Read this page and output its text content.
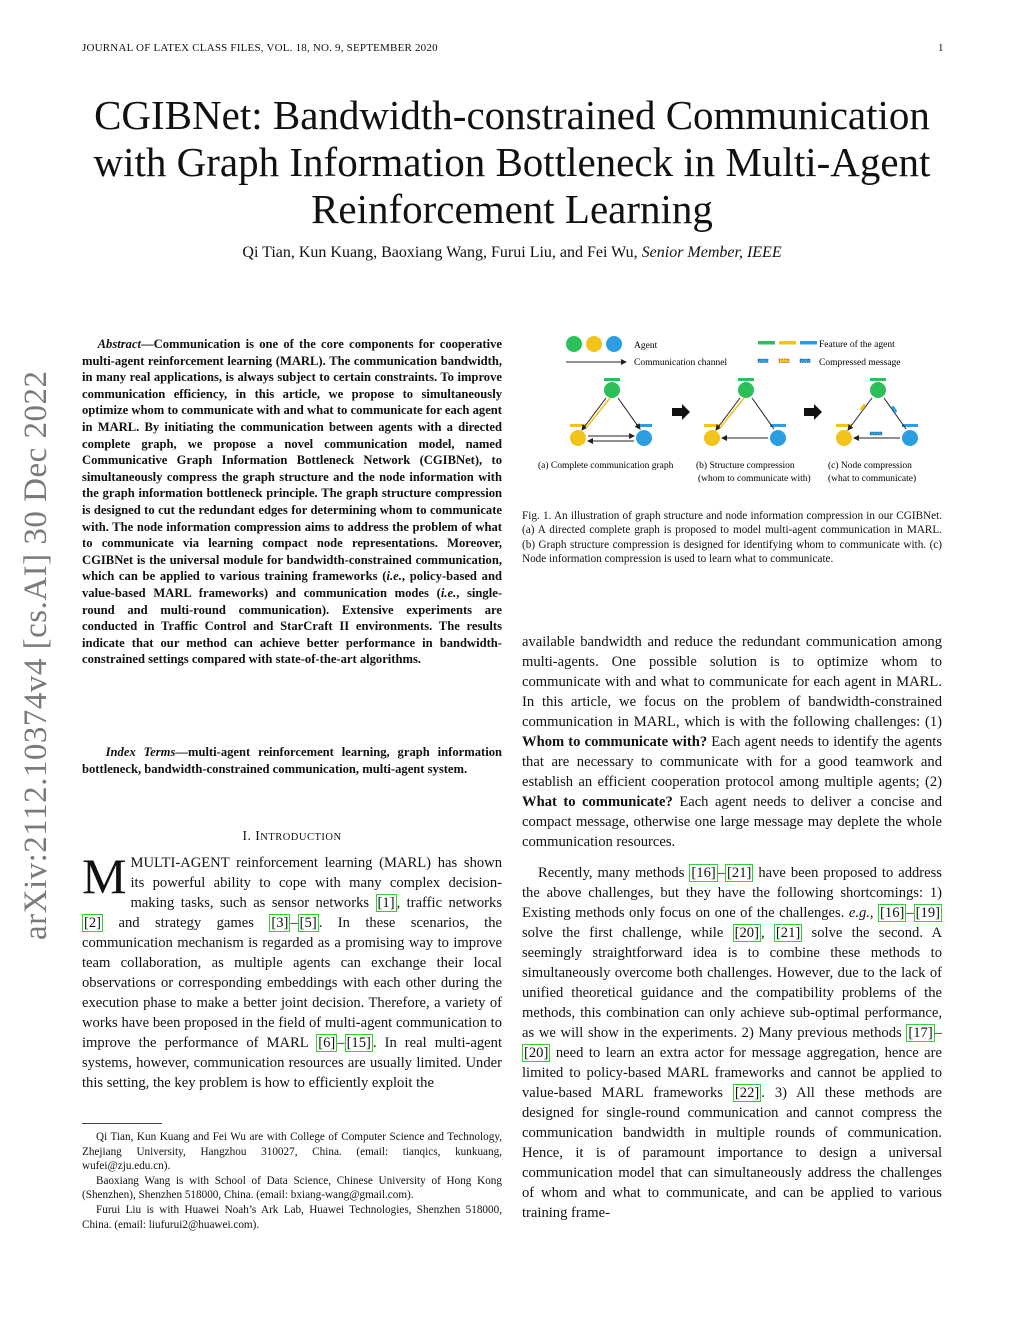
JOURNAL OF LATEX CLASS FILES, VOL. 18, NO. 9, SEPTEMBER 2020	1
CGIBNet: Bandwidth-constrained Communication with Graph Information Bottleneck in Multi-Agent Reinforcement Learning
Qi Tian, Kun Kuang, Baoxiang Wang, Furui Liu, and Fei Wu, Senior Member, IEEE
arXiv:2112.10374v4 [cs.AI] 30 Dec 2022
Abstract—Communication is one of the core components for cooperative multi-agent reinforcement learning (MARL). The communication bandwidth, in many real applications, is always subject to certain constraints. To improve communication efficiency, in this article, we propose to simultaneously optimize whom to communicate with and what to communicate for each agent in MARL. By initiating the communication between agents with a directed complete graph, we propose a novel communication model, named Communicative Graph Information Bottleneck Network (CGIBNet), to simultaneously compress the graph structure and the node information with the graph information bottleneck principle. The graph structure compression is designed to cut the redundant edges for determining whom to communicate with. The node information compression aims to address the problem of what to communicate via learning compact node representations. Moreover, CGIBNet is the universal module for bandwidth-constrained communication, which can be applied to various training frameworks (i.e., policy-based and value-based MARL frameworks) and communication modes (i.e., single-round and multi-round communication). Extensive experiments are conducted in Traffic Control and StarCraft II environments. The results indicate that our method can achieve better performance in bandwidth-constrained settings compared with state-of-the-art algorithms.
Index Terms—multi-agent reinforcement learning, graph information bottleneck, bandwidth-constrained communication, multi-agent system.
I. INTRODUCTION
MMULTI-AGENT reinforcement learning (MARL) has shown its powerful ability to cope with many complex decision-making tasks, such as sensor networks [1] , traffic networks [2] and strategy games [3] – [5] . In these scenarios, the communication mechanism is regarded as a promising way to improve team collaboration, as multiple agents can exchange their local observations or corresponding embeddings with each other during the execution phase to make a better joint decision. Therefore, a variety of works have been proposed in the field of multi-agent communication to improve the performance of MARL [6] – [15] . In real multi-agent systems, however, communication resources are usually limited. Under this setting, the key problem is how to efficiently exploit the

Qi Tian, Kun Kuang and Fei Wu are with College of Computer Science and Technology, Zhejiang University, Hangzhou 310027, China. (email: tianqics, kunkuang, wufei@zju.edu.cn).

Baoxiang Wang is with School of Data Science, Chinese University of Hong Kong (Shenzhen), Shenzhen 518000, China. (email: bxiang-wang@gmail.com).

Furui Liu is with Huawei Noah’s Ark Lab, Huawei Technologies, Shenzhen 518000, China. (email: liufurui2@huawei.com).

Agent
Communication channel
Feature of the agent
Compressed message
(a) Complete communication graph (b) Structure compression
(whom to communicate with)
(c) Node compression
(what to communicate)
Fig. 1. An illustration of graph structure and node information compression in our CGIBNet. (a) A directed complete graph is proposed to model multi-agent communication in MARL. (b) Graph structure compression is designed for identifying whom to communicate with. (c) Node information compression is used to learn what to communicate.

available bandwidth and reduce the redundant communication among multi-agents. One possible solution is to optimize whom to communicate with and what to communicate for each agent in MARL. In this article, we focus on the problem of bandwidth-constrained communication in MARL, which is with the following challenges: (1) Whom to communicate with? Each agent needs to identify the agents that are necessary to communicate with for a good teamwork and establish an efficient cooperation protocol among multiple agents; (2) What to communicate? Each agent needs to deliver a concise and compact message, otherwise one large message may deplete the whole communication resources.

Recently, many methods [16] – [21] have been proposed to address the above challenges, but they have the following shortcomings: 1) Existing methods only focus on one of the challenges. e.g., [16] – [19] solve the first challenge, while [20] , [21] solve the second. A seemingly straightforward idea is to combine these methods to simultaneously overcome both challenges. However, due to the lack of unified theoretical guidance and the compatibility problems of the methods, this combination can only achieve sub-optimal performance, as we will show in the experiments. 2) Many previous methods [17] –[20] need to learn an extra actor for message aggregation, hence are limited to policy-based MARL frameworks and cannot be applied to value-based MARL frameworks [22] . 3) All these methods are designed for single-round communication and cannot compress the communication bandwidth in multiple rounds of communication. Hence, it is of paramount importance to design a universal communication model that can simultaneously address the challenges of whom and what to communicate, and can be applied to various training frame-
